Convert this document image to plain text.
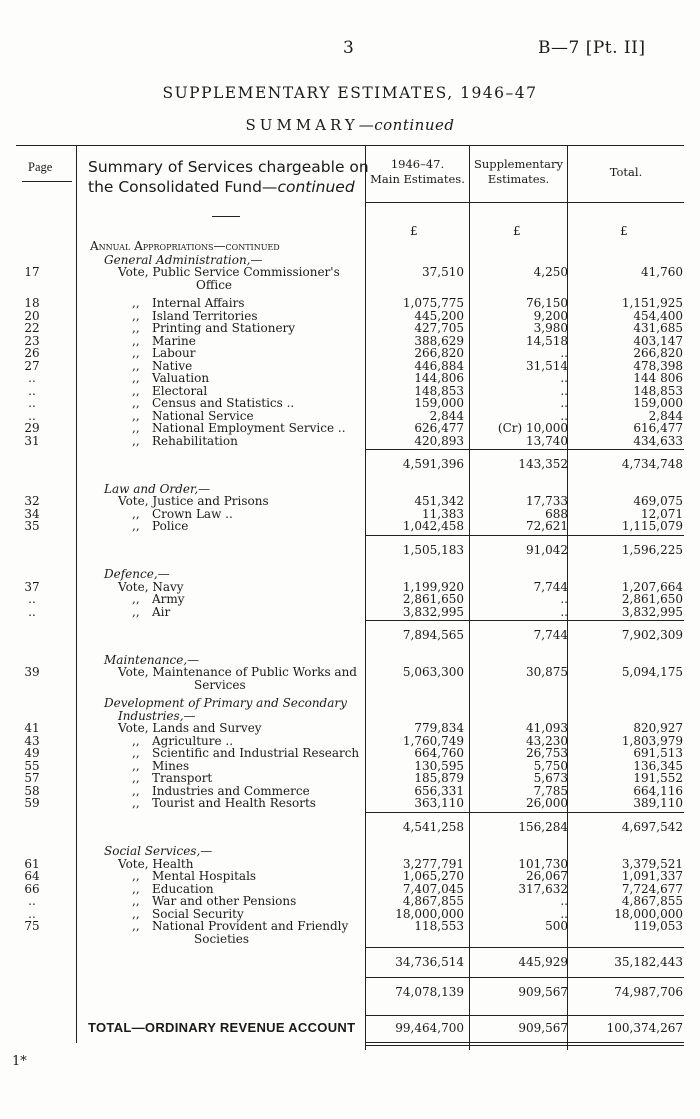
3	B—7 [Pt. II]
SUPPLEMENTARY ESTIMATES, 1946–47
SUMMARY—continued
Page Summary of Services chargeable on
the Consolidated Fund—continued
1946–47.
Main Estimates.
Supplementary
Estimates.	Total.
£	£	£
Annual Appropriations—continued
General Administration,—
17	Vote, Public Service Commissioner's	37,510	4,250	41,760
Office
18	,, Internal Affairs	1,075,775	76,150	1,151,925
20	,, Island Territories	445,200	9,200	454,400
22	,, Printing and Stationery	427,705	3,980	431,685
23	,, Marine	388,629	14,518	403,147
26	,, Labour	266,820	..	266,820
27	,, Native	446,884	31,514	478,398
..	,, Valuation	144,806	..	144 806
..	,, Electoral	148,853	..	148,853
..	,, Census and Statistics ..	159,000	..	159,000
..	,, National Service	2,844	..	2,844
29	,, National Employment Service ..	626,477	(Cr) 10,000	616,477
31	,, Rehabilitation	420,893	13,740	434,633
4,591,396	143,352	4,734,748
Law and Order,—
32	Vote, Justice and Prisons	451,342	17,733	469,075
34	,, Crown Law ..	11,383	688	12,071
35	,, Police	1,042,458	72,621	1,115,079
1,505,183	91,042	1,596,225
Defence,—
37	Vote, Navy	1,199,920	7,744	1,207,664
..	,, Army	2,861,650	..	2,861,650
..	,, Air	3,832,995	..	3,832,995
7,894,565	7,744	7,902,309
Maintenance,—
39	Vote, Maintenance of Public Works and	5,063,300	30,875	5,094,175
Services
Development of Primary and Secondary
Industries,—
41	Vote, Lands and Survey	779,834	41,093	820,927
43	,, Agriculture ..	1,760,749	43,230	1,803,979
49	,, Scientific and Industrial Research	664,760	26,753	691,513
55	,, Mines	130,595	5,750	136,345
57	,, Transport	185,879	5,673	191,552
58	,, Industries and Commerce	656,331	7,785	664,116
59	,, Tourist and Health Resorts	363,110	26,000	389,110
4,541,258	156,284	4,697,542
Social Services,—
61	Vote, Health	3,277,791	101,730	3,379,521
64	,, Mental Hospitals	1,065,270	26,067	1,091,337
66	,, Education	7,407,045	317,632	7,724,677
..	,, War and other Pensions	4,867,855	..	4,867,855
..	,, Social Security	18,000,000	..	18,000,000
75	,, National Provident and Friendly	118,553	500	119,053
Societies
34,736,514	445,929	35,182,443
74,078,139	909,567	74,987,706
TOTAL—ORDINARY REVENUE ACCOUNT	99,464,700	909,567	100,374,267
1*
